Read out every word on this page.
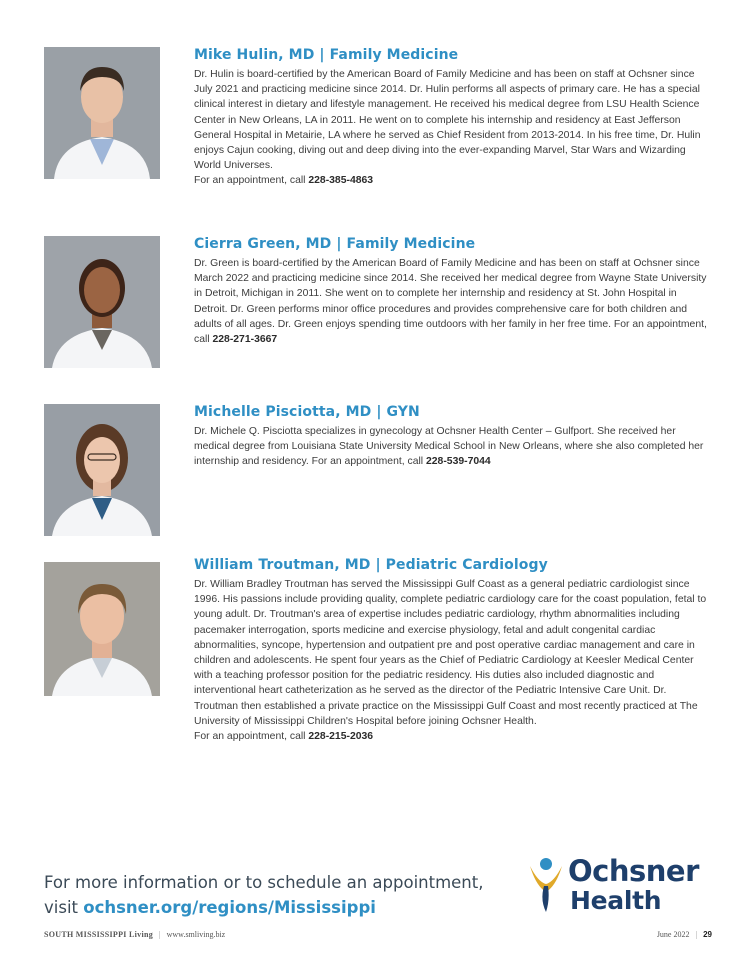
Mike Hulin, MD | Family Medicine

Dr. Hulin is board-certified by the American Board of Family Medicine and has been on staff at Ochsner since July 2021 and practicing medicine since 2014. Dr. Hulin performs all aspects of primary care. He has a special clinical interest in dietary and lifestyle management. He received his medical degree from LSU Health Science Center in New Orleans, LA in 2011. He went on to complete his internship and residency at East Jefferson General Hospital in Metairie, LA where he served as Chief Resident from 2013-2014. In his free time, Dr. Hulin enjoys Cajun cooking, diving out and deep diving into the ever-expanding Marvel, Star Wars and Wizarding World Universes.
For an appointment, call 228-385-4863

Cierra Green, MD | Family Medicine

Dr. Green is board-certified by the American Board of Family Medicine and has been on staff at Ochsner since March 2022 and practicing medicine since 2014. She received her medical degree from Wayne State University in Detroit, Michigan in 2011. She went on to complete her internship and residency at St. John Hospital in Detroit. Dr. Green performs minor office procedures and provides comprehensive care for both children and adults of all ages. Dr. Green enjoys spending time outdoors with her family in her free time. For an appointment, call 228-271-3667

Michelle Pisciotta, MD | GYN

Dr. Michele Q. Pisciotta specializes in gynecology at Ochsner Health Center – Gulfport. She received her medical degree from Louisiana State University Medical School in New Orleans, where she also completed her internship and residency. For an appointment, call 228-539-7044

William Troutman, MD | Pediatric Cardiology

Dr. William Bradley Troutman has served the Mississippi Gulf Coast as a general pediatric cardiologist since 1996. His passions include providing quality, complete pediatric cardiology care for the coast population, fetal to young adult. Dr. Troutman's area of expertise includes pediatric cardiology, rhythm abnormalities including pacemaker interrogation, sports medicine and exercise physiology, fetal and adult congenital cardiac abnormalities, syncope, hypertension and outpatient pre and post operative cardiac management and care in children and adolescents. He spent four years as the Chief of Pediatric Cardiology at Keesler Medical Center with a teaching professor position for the pediatric residency. His duties also included diagnostic and interventional heart catheterization as he served as the director of the Pediatric Intensive Care Unit. Dr. Troutman then established a private practice on the Mississippi Gulf Coast and most recently practiced at The University of Mississippi Children's Hospital before joining Ochsner Health.
For an appointment, call 228-215-2036

For more information or to schedule an appointment, visit ochsner.org/regions/Mississippi
Ochsner
Health
SOUTH MISSISSIPPI Living | www.smliving.biz	June 2022 | 29
